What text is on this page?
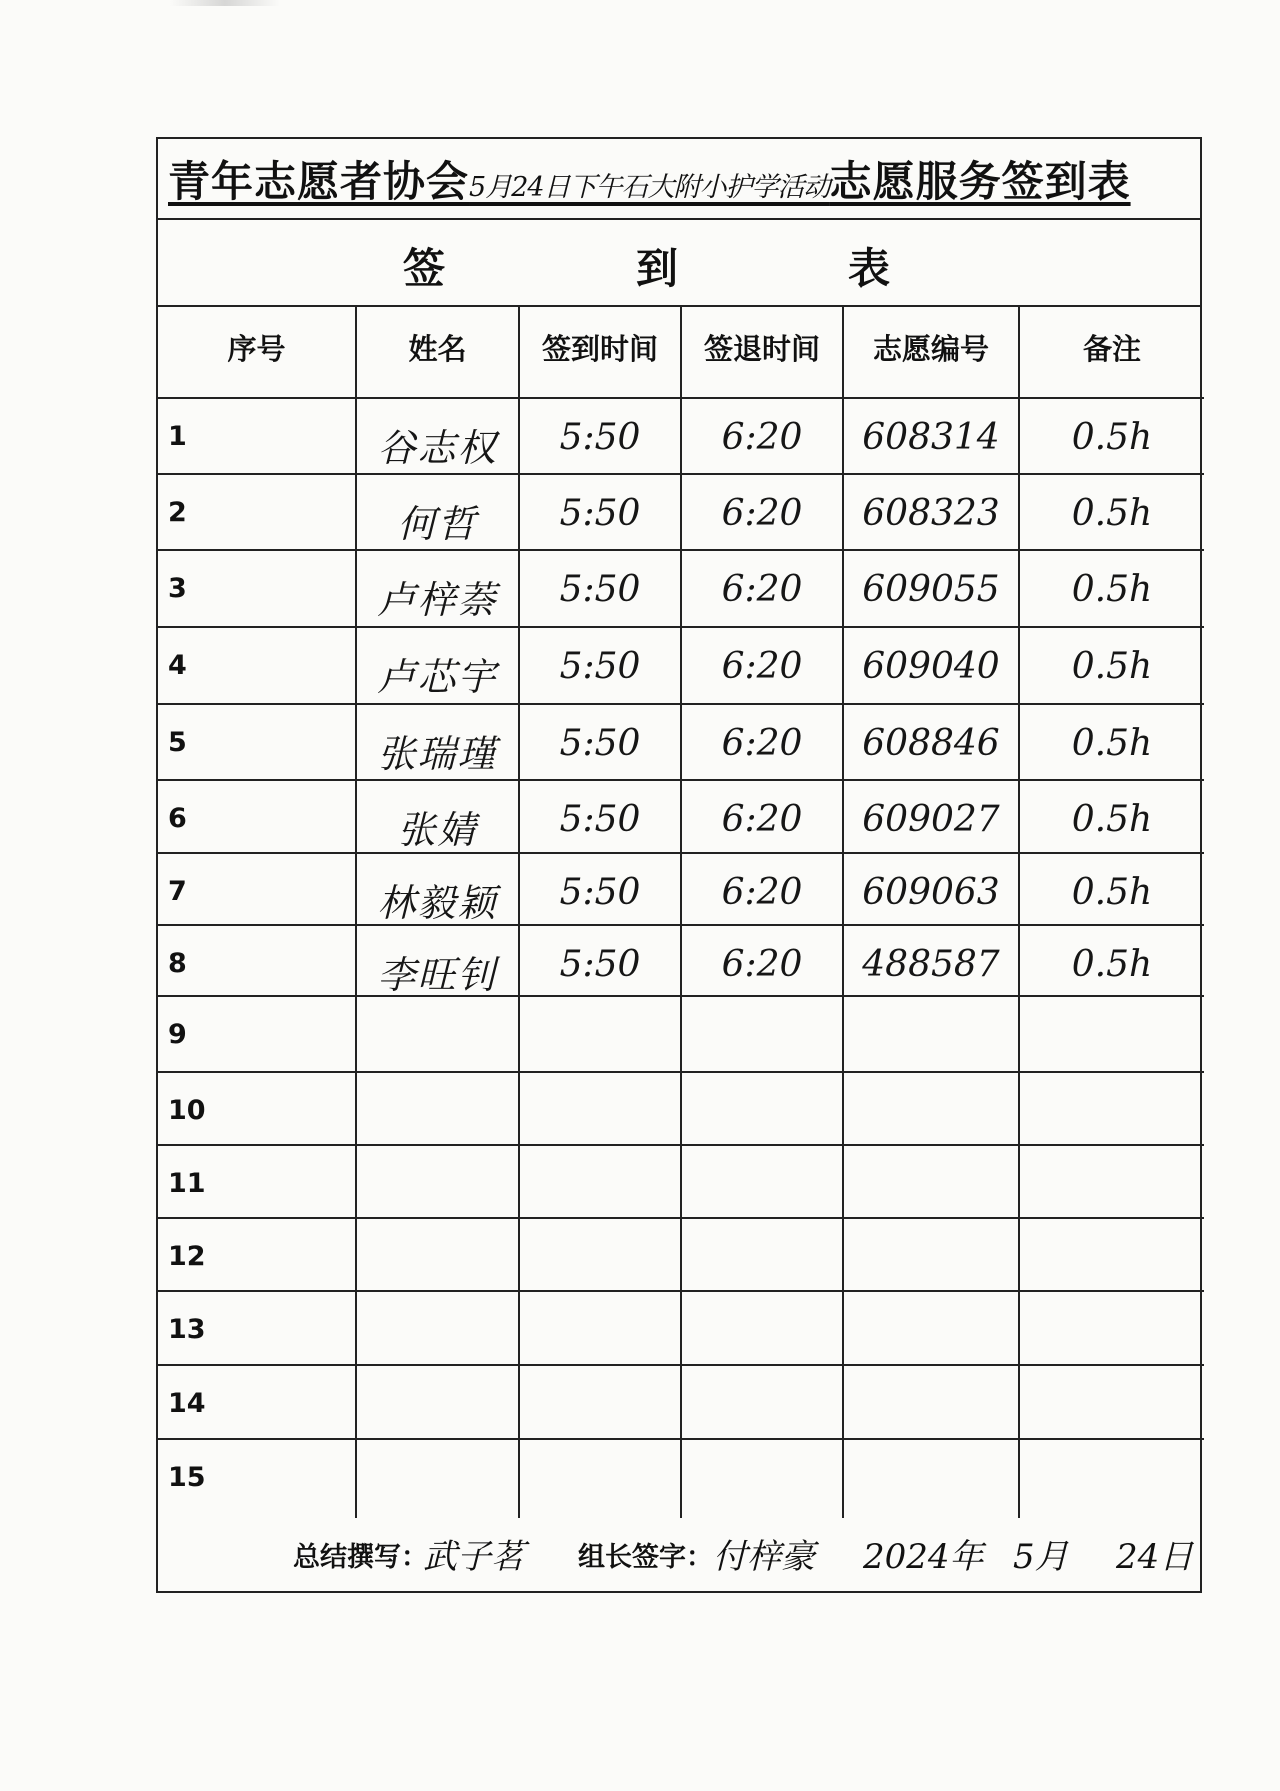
青年志愿者协会5月24日下午石大附小护学活动志愿服务签到表
签	到	表
序号	姓名	签到时间	签退时间	志愿编号	备注
1	谷志权	5:50	6:20	608314	0.5h
2	何哲	5:50	6:20	608323	0.5h
3	卢梓萘	5:50	6:20	609055	0.5h
4	卢芯宇	5:50	6:20	609040	0.5h
5	张瑞瑾	5:50	6:20	608846	0.5h
6	张婧	5:50	6:20	609027	0.5h
7	林毅颖	5:50	6:20	609063	0.5h
8	李旺钊	5:50	6:20	488587	0.5h
9
10
11
12
13
14
15
总结撰写：
武子茗 组长签字： 付梓豪 2024年 5月 24日
